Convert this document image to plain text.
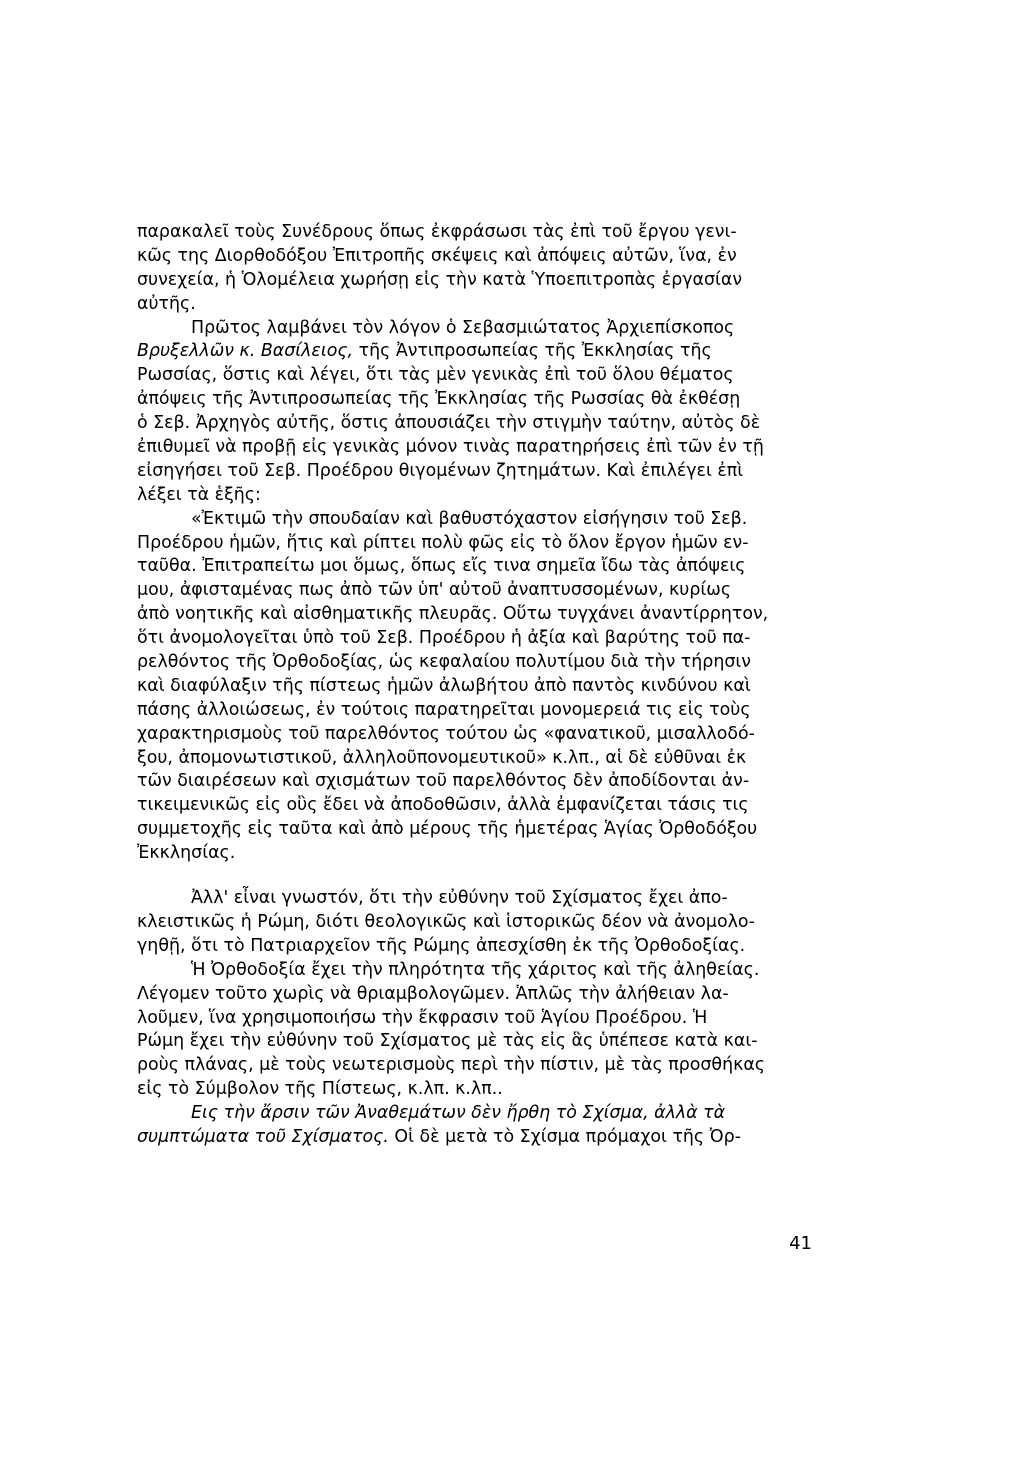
παρακαλεῖ τοὺς Συνέδρους ὅπως ἐκφράσωσι τὰς ἐπὶ τοῦ ἔργου γενι-
κῶς της Διορθοδόξου Ἐπιτροπῆς σκέψεις καὶ ἀπόψεις αὐτῶν, ἵνα, ἐν
συνεχεία, ἡ Ὁλομέλεια χωρήσῃ εἰς τὴν κατὰ Ὑποεπιτροπὰς ἐργασίαν
αὐτῆς.
Πρῶτος λαμβάνει τὸν λόγον ὁ Σεβασμιώτατος Ἀρχιεπίσκοπος
Βρυξελλῶν κ. Βασίλειος, τῆς Ἀντιπροσωπείας τῆς Ἐκκλησίας τῆς
Ρωσσίας, ὅστις καὶ λέγει, ὅτι τὰς μὲν γενικὰς ἐπὶ τοῦ ὅλου θέματος
ἀπόψεις τῆς Ἀντιπροσωπείας τῆς Ἐκκλησίας τῆς Ρωσσίας θὰ ἐκθέσῃ
ὁ Σεβ. Ἀρχηγὸς αὐτῆς, ὅστις ἀπουσιάζει τὴν στιγμὴν ταύτην, αὐτὸς δὲ
ἐπιθυμεῖ νὰ προβῇ εἰς γενικὰς μόνον τινὰς παρατηρήσεις ἐπὶ τῶν ἐν τῇ
εἰσηγήσει τοῦ Σεβ. Προέδρου θιγομένων ζητημάτων. Καὶ ἐπιλέγει ἐπὶ
λέξει τὰ ἑξῆς:
«Ἐκτιμῶ τὴν σπουδαίαν καὶ βαθυστόχαστον εἰσήγησιν τοῦ Σεβ.
Προέδρου ἡμῶν, ἥτις καὶ ρίπτει πολὺ φῶς εἰς τὸ ὅλον ἔργον ἡμῶν εν-
ταῦθα. Ἐπιτραπείτω μοι ὅμως, ὅπως εἴς τινα σημεῖα ἴδω τὰς ἀπόψεις
μου, ἀφισταμένας πως ἀπὸ τῶν ὑπ' αὐτοῦ ἀναπτυσσομένων, κυρίως
ἀπὸ νοητικῆς καὶ αἰσθηματικῆς πλευρᾶς. Οὕτω τυγχάνει ἀναντίρρητον,
ὅτι ἀνομολογεῖται ὑπὸ τοῦ Σεβ. Προέδρου ἡ ἀξία καὶ βαρύτης τοῦ πα-
ρελθόντος τῆς Ὀρθοδοξίας, ὡς κεφαλαίου πολυτίμου διὰ τὴν τήρησιν
καὶ διαφύλαξιν τῆς πίστεως ἡμῶν ἀλωβήτου ἀπὸ παντὸς κινδύνου καὶ
πάσης ἀλλοιώσεως, ἐν τούτοις παρατηρεῖται μονομερειά τις εἰς τοὺς
χαρακτηρισμοὺς τοῦ παρελθόντος τούτου ὡς «φανατικοῦ, μισαλλοδό-
ξου, ἀπομονωτιστικοῦ, ἀλληλοῦπονομευτικοῦ» κ.λπ., αἱ δὲ εὐθῦναι ἐκ
τῶν διαιρέσεων καὶ σχισμάτων τοῦ παρελθόντος δὲν ἀποδίδονται ἀν-
τικειμενικῶς εἰς οὓς ἔδει νὰ ἀποδοθῶσιν, ἀλλὰ ἐμφανίζεται τάσις τις
συμμετοχῆς εἰς ταῦτα καὶ ἀπὸ μέρους τῆς ἡμετέρας Ἁγίας Ὀρθοδόξου
Ἐκκλησίας.
Ἀλλ' εἶναι γνωστόν, ὅτι τὴν εὐθύνην τοῦ Σχίσματος ἔχει ἀπο-
κλειστικῶς ἡ Ρώμη, διότι θεολογικῶς καὶ ἱστορικῶς δέον νὰ ἀνομολο-
γηθῇ, ὅτι τὸ Πατριαρχεῖον τῆς Ρώμης ἀπεσχίσθη ἐκ τῆς Ὀρθοδοξίας.
Ἡ Ὀρθοδοξία ἔχει τὴν πληρότητα τῆς χάριτος καὶ τῆς ἀληθείας.
Λέγομεν τοῦτο χωρὶς νὰ θριαμβολογῶμεν. Ἁπλῶς τὴν ἀλήθειαν λα-
λοῦμεν, ἵνα χρησιμοποιήσω τὴν ἔκφρασιν τοῦ Ἁγίου Προέδρου. Ἡ
Ρώμη ἔχει τὴν εὐθύνην τοῦ Σχίσματος μὲ τὰς εἰς ἃς ὑπέπεσε κατὰ και-
ροὺς πλάνας, μὲ τοὺς νεωτερισμοὺς περὶ τὴν πίστιν, μὲ τὰς προσθήκας
εἰς τὸ Σύμβολον τῆς Πίστεως, κ.λπ. κ.λπ..
Εις τὴν ἄρσιν τῶν Ἀναθεμάτων δὲν ἤρθη τὸ Σχίσμα, ἀλλὰ τὰ
συμπτώματα τοῦ Σχίσματος. Οἱ δὲ μετὰ τὸ Σχίσμα πρόμαχοι τῆς Ὀρ-
41
